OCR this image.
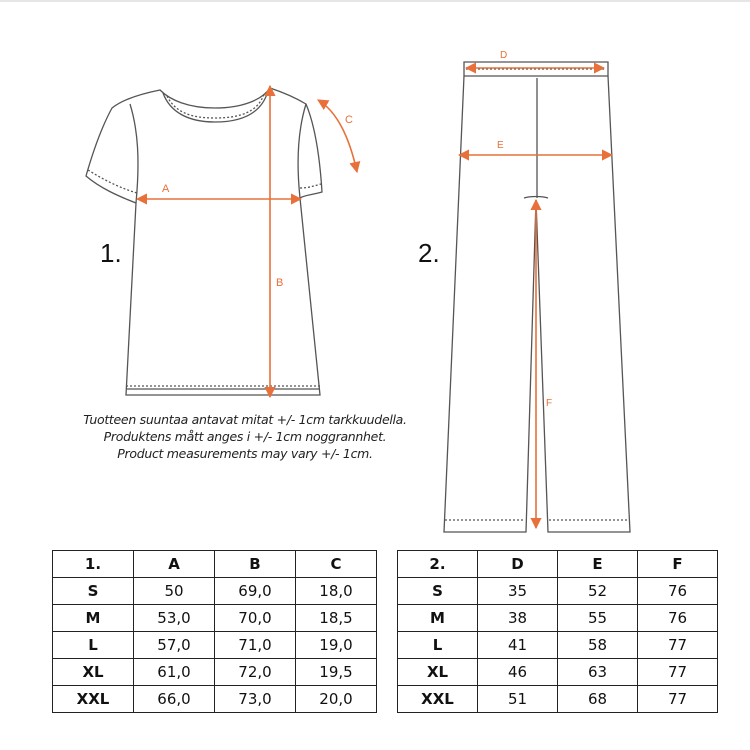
A
B
C
D
E
F
1.	2.
Tuotteen suuntaa antavat mitat +/- 1cm tarkkuudella.
Produktens mått anges i +/- 1cm noggrannhet.
Product measurements may vary +/- 1cm.
1.	A	B	C
S	50	69,0	18,0
M	53,0	70,0	18,5
L	57,0	71,0	19,0
XL	61,0	72,0	19,5
XXL	66,0	73,0	20,0
2.	D	E	F
S	35	52	76
M	38	55	76
L	41	58	77
XL	46	63	77
XXL	51	68	77
